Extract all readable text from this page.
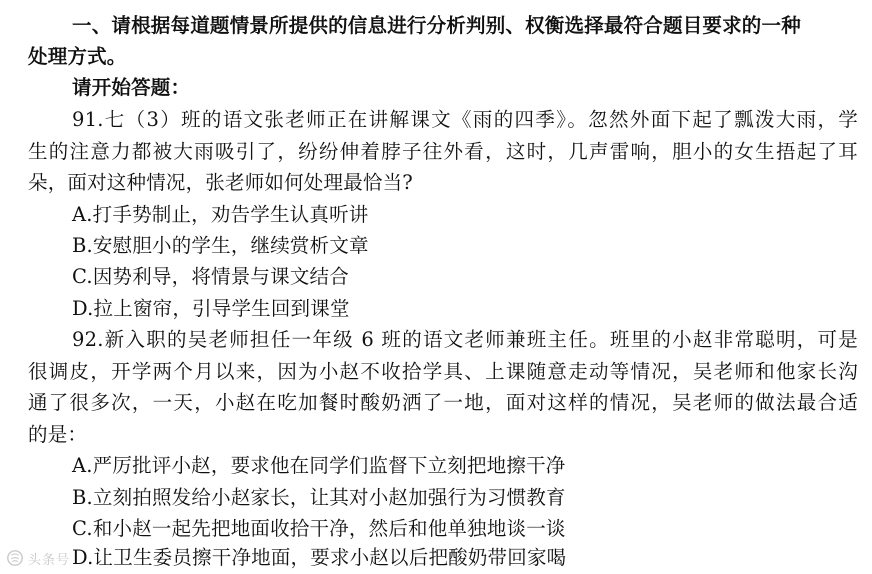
一、请根据每道题情景所提供的信息进行分析判别、权衡选择最符合题目要求的一种
处理方式。
请开始答题：
91.七（3）班的语文张老师正在讲解课文《雨的四季》。忽然外面下起了瓢泼大雨，学
生的注意力都被大雨吸引了，纷纷伸着脖子往外看，这时，几声雷响，胆小的女生捂起了耳
朵，面对这种情况，张老师如何处理最恰当?
A.打手势制止，劝告学生认真听讲
B.安慰胆小的学生，继续赏析文章
C.因势利导，将情景与课文结合
D.拉上窗帘，引导学生回到课堂
92.新入职的吴老师担任一年级 6 班的语文老师兼班主任。班里的小赵非常聪明，可是
很调皮，开学两个月以来，因为小赵不收拾学具、上课随意走动等情况，吴老师和他家长沟
通了很多次，一天，小赵在吃加餐时酸奶洒了一地，面对这样的情况，吴老师的做法最合适
的是：
A.严厉批评小赵，要求他在同学们监督下立刻把地擦干净
B.立刻拍照发给小赵家长，让其对小赵加强行为习惯教育
C.和小赵一起先把地面收拾干净，然后和他单独地谈一谈
D.让卫生委员擦干净地面，要求小赵以后把酸奶带回家喝
头条号
